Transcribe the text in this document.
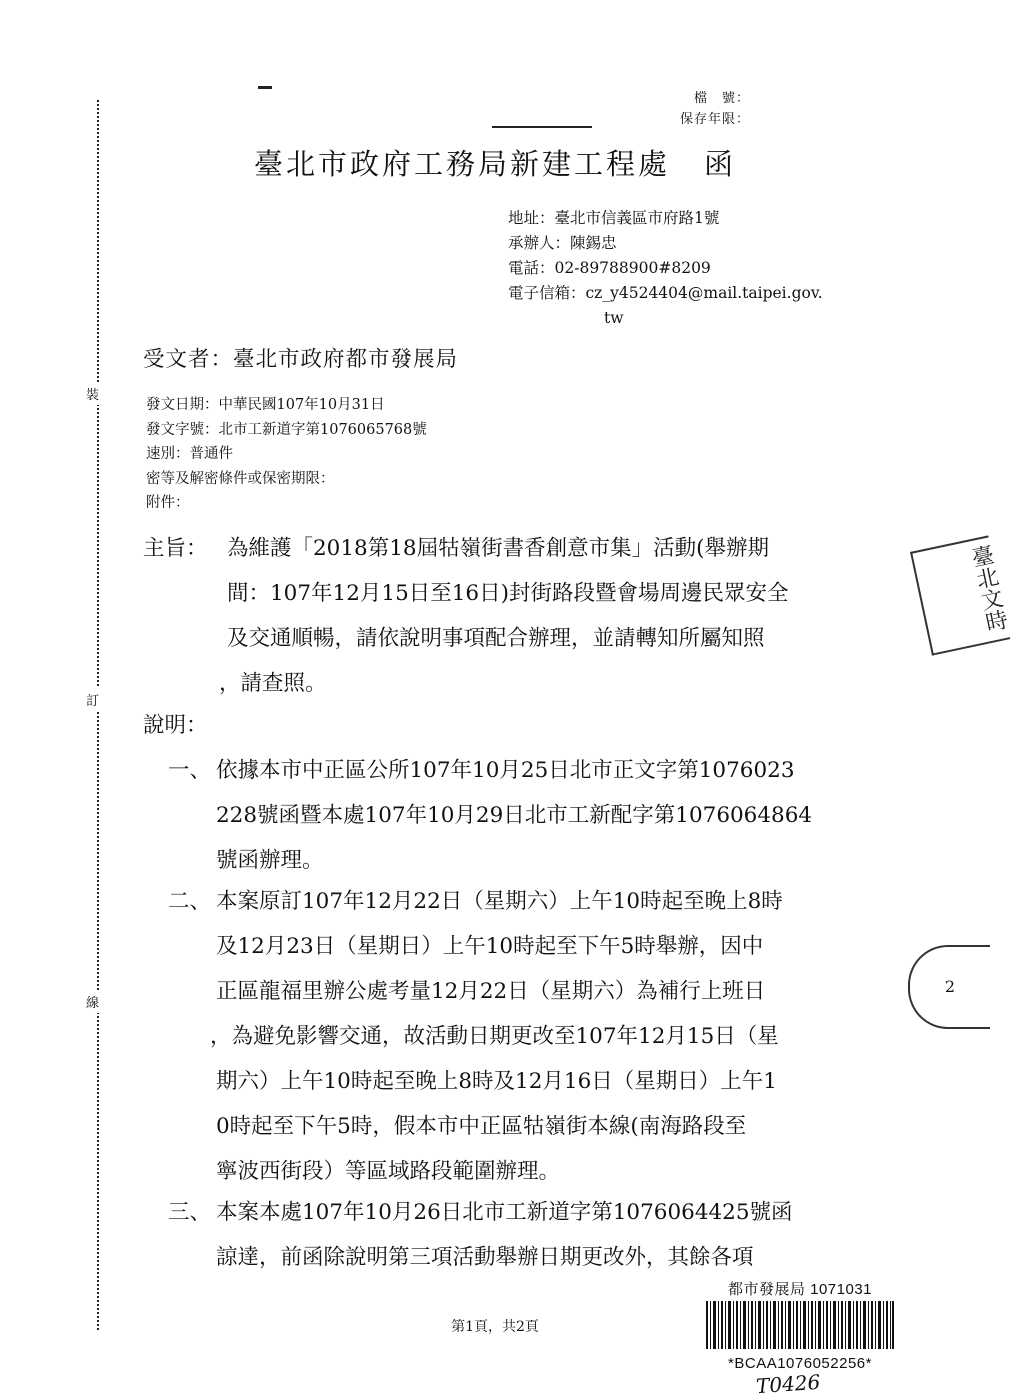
裝
訂
線
檔　號：
保存年限：
臺北市政府工務局新建工程處 函
地址：臺北市信義區市府路1號
承辦人：陳錫忠
電話：02-89788900#8209
電子信箱：cz_y4524404@mail.taipei.gov.
tw
受文者：臺北市政府都市發展局
發文日期：中華民國107年10月31日
發文字號：北市工新道字第1076065768號
速別：普通件
密等及解密條件或保密期限：
附件：
主旨： 為維護「2018第18屆牯嶺街書香創意市集」活動(舉辦期
間：107年12月15日至16日)封街路段暨會場周邊民眾安全
及交通順暢，請依說明事項配合辦理，並請轉知所屬知照
，請查照。
說明：
一、 依據本市中正區公所107年10月25日北市正文字第1076023
228號函暨本處107年10月29日北市工新配字第1076064864
號函辦理。
二、 本案原訂107年12月22日（星期六）上午10時起至晚上8時
及12月23日（星期日）上午10時起至下午5時舉辦，因中
正區龍福里辦公處考量12月22日（星期六）為補行上班日
，為避免影響交通，故活動日期更改至107年12月15日（星
期六）上午10時起至晚上8時及12月16日（星期日）上午1
0時起至下午5時，假本市中正區牯嶺街本線(南海路段至
寧波西街段）等區域路段範圍辦理。
三、 本案本處107年10月26日北市工新道字第1076064425號函
諒達，前函除說明第三項活動舉辦日期更改外，其餘各項
臺北文時
2
都市發展局 1071031
*BCAA1076052256*
第1頁，共2頁
T0426
